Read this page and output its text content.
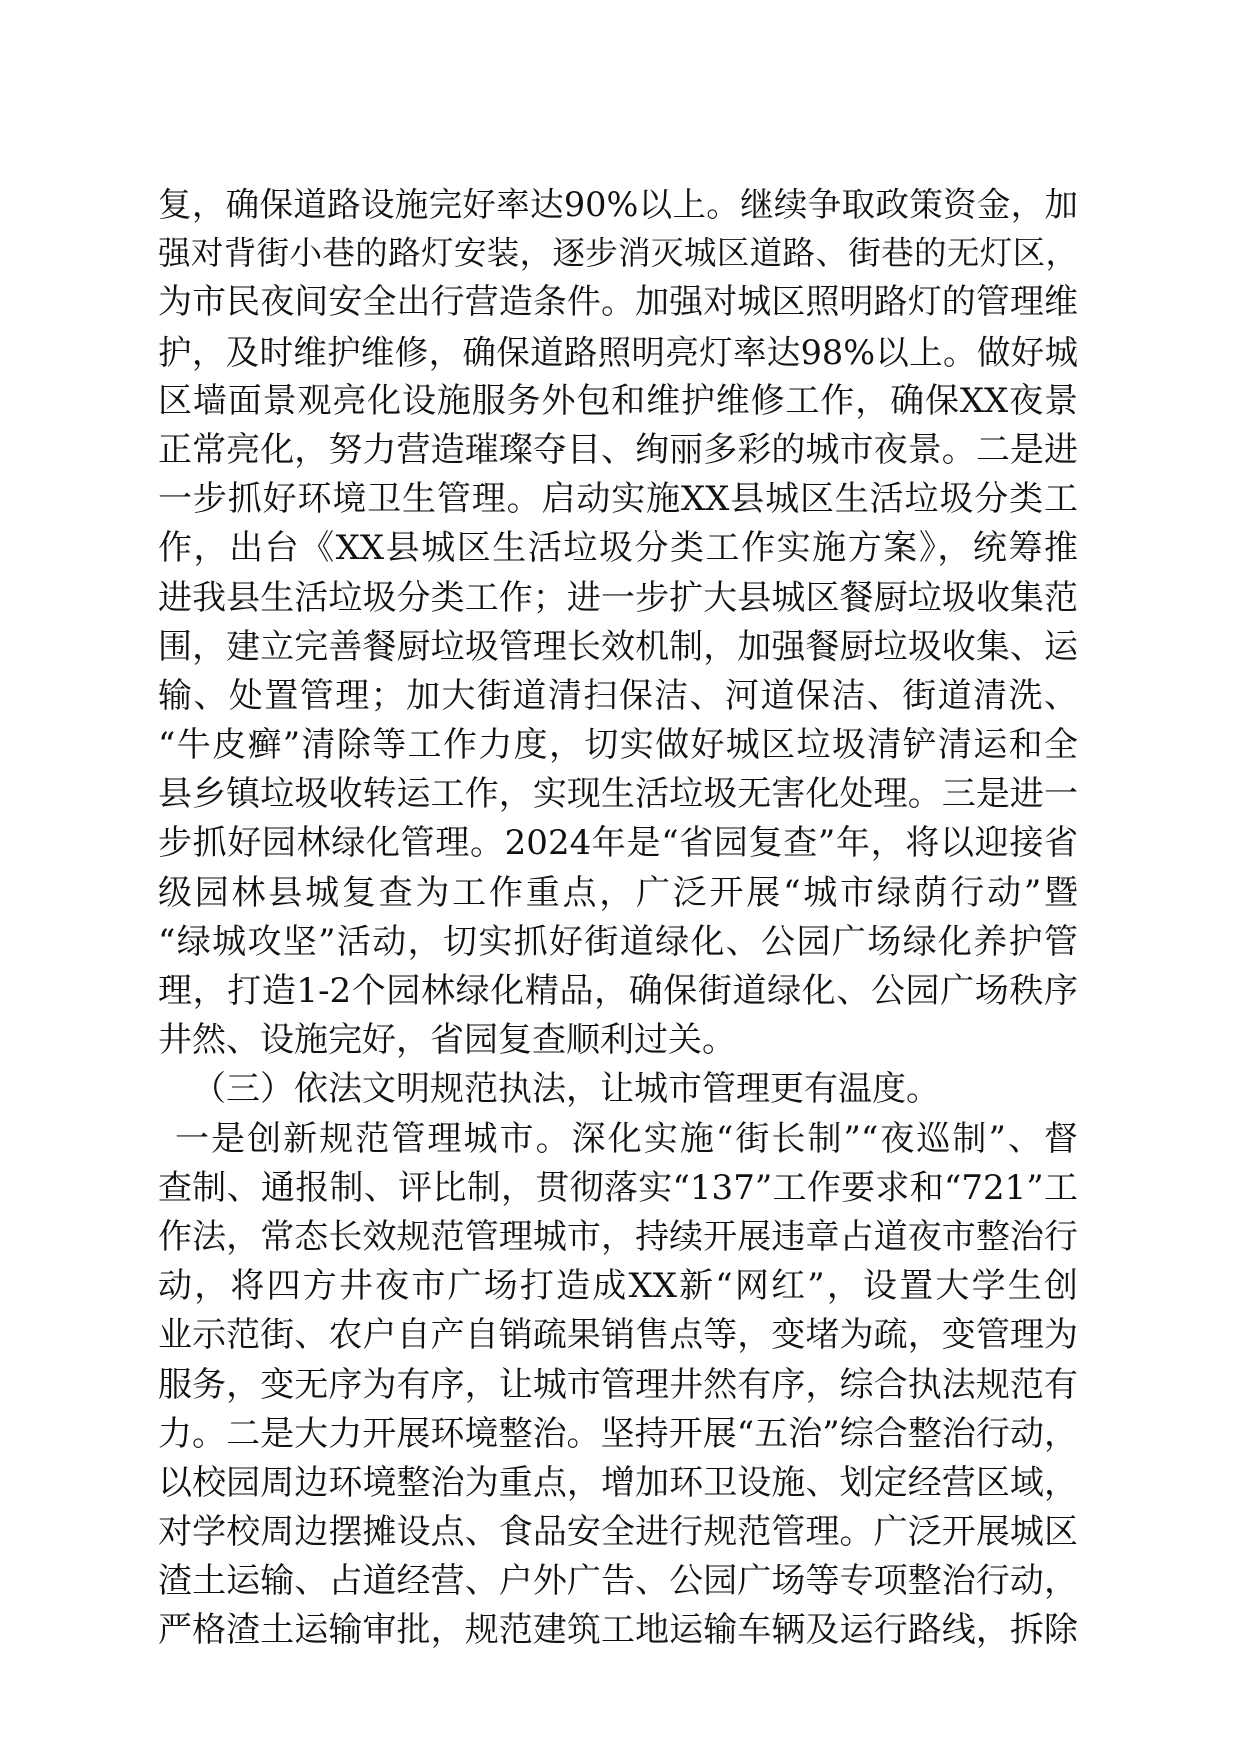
复，确保道路设施完好率达90%以上。继续争取政策资金，加
强对背街小巷的路灯安装，逐步消灭城区道路、街巷的无灯区，
为市民夜间安全出行营造条件。加强对城区照明路灯的管理维
护，及时维护维修，确保道路照明亮灯率达98%以上。做好城
区墙面景观亮化设施服务外包和维护维修工作，确保XX夜景
正常亮化，努力营造璀璨夺目、绚丽多彩的城市夜景。二是进
一步抓好环境卫生管理。启动实施XX县城区生活垃圾分类工
作，出台《XX县城区生活垃圾分类工作实施方案》，统筹推
进我县生活垃圾分类工作；进一步扩大县城区餐厨垃圾收集范
围，建立完善餐厨垃圾管理长效机制，加强餐厨垃圾收集、运
输、处置管理；加大街道清扫保洁、河道保洁、街道清洗、
“牛皮癣”清除等工作力度，切实做好城区垃圾清铲清运和全
县乡镇垃圾收转运工作，实现生活垃圾无害化处理。三是进一
步抓好园林绿化管理。2024年是“省园复查”年，将以迎接省
级园林县城复查为工作重点，广泛开展“城市绿荫行动”暨
“绿城攻坚”活动，切实抓好街道绿化、公园广场绿化养护管
理，打造1-2个园林绿化精品，确保街道绿化、公园广场秩序
井然、设施完好，省园复查顺利过关。
（三）依法文明规范执法，让城市管理更有温度。
一是创新规范管理城市。深化实施“街长制”“夜巡制”、督
查制、通报制、评比制，贯彻落实“137”工作要求和“721”工
作法，常态长效规范管理城市，持续开展违章占道夜市整治行
动，将四方井夜市广场打造成XX新“网红”，设置大学生创
业示范街、农户自产自销疏果销售点等，变堵为疏，变管理为
服务，变无序为有序，让城市管理井然有序，综合执法规范有
力。二是大力开展环境整治。坚持开展“五治”综合整治行动，
以校园周边环境整治为重点，增加环卫设施、划定经营区域，
对学校周边摆摊设点、食品安全进行规范管理。广泛开展城区
渣土运输、占道经营、户外广告、公园广场等专项整治行动，
严格渣土运输审批，规范建筑工地运输车辆及运行路线，拆除
